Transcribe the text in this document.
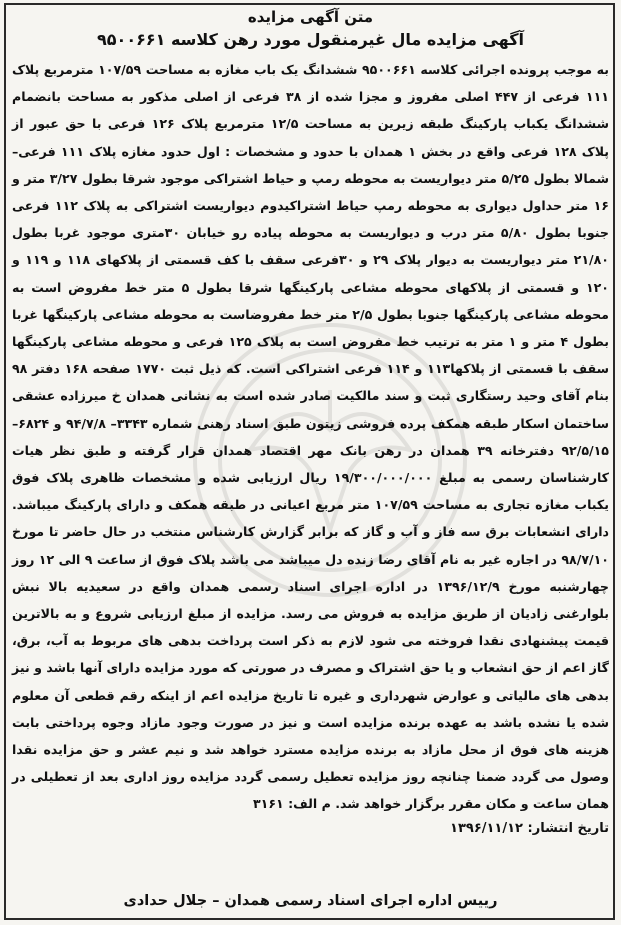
متن آگهی مزایده
آگهی مزایده مال غیرمنقول مورد رهن کلاسه ۹۵۰۰۶۶۱

به موجب پرونده اجرائی کلاسه ۹۵۰۰۶۶۱ ششدانگ یک باب مغازه به مساحت ۱۰۷/۵۹ مترمربع پلاک ۱۱۱ فرعی از ۴۴۷ اصلی مفروز و مجزا شده از ۳۸ فرعی از اصلی مذکور به مساحت بانضمام ششدانگ یکباب پارکینگ طبقه زیرین به مساحت ۱۲/۵ مترمربع پلاک ۱۲۶ فرعی با حق عبور از پلاک ۱۲۸ فرعی واقع در بخش ۱ همدان با حدود و مشخصات : اول حدود مغازه پلاک ۱۱۱ فرعی– شمالا بطول ۵/۲۵ متر دیواریست به محوطه رمپ و حیاط اشتراکی موجود شرقا بطول ۳/۲۷ متر و ۱۶ متر حداول دیواری به محوطه رمپ حیاط اشتراکیدوم دیواریست اشتراکی به پلاک ۱۱۲ فرعی جنوبا بطول ۵/۸۰ متر درب و دیواریست به محوطه پیاده رو خیابان ۳۰متری موجود غربا بطول ۲۱/۸۰ متر دیواریست به دیوار پلاک ۲۹ و ۳۰فرعی سقف با کف قسمتی از پلاکهای ۱۱۸ و ۱۱۹ و ۱۲۰ و قسمتی از پلاکهای محوطه مشاعی پارکینگها شرقا بطول ۵ متر خط مفروض است به محوطه مشاعی پارکینگها جنوبا بطول ۲/۵ متر خط مفروضاست به محوطه مشاعی پارکینگها غربا بطول ۴ متر و ۱ متر به ترتیب خط مفروض است به پلاک ۱۲۵ فرعی و محوطه مشاعی پارکینگها سقف با قسمتی از پلاکها۱۱۳ و ۱۱۴ فرعی اشتراکی است. که ذیل ثبت ۱۷۷۰ صفحه ۱۶۸ دفتر ۹۸ بنام آقای وحید رستگاری ثبت و سند مالکیت صادر شده است به نشانی همدان خ میرزاده عشقی ساختمان اسکار طبقه همکف پرده فروشی زیتون طبق اسناد رهنی شماره ۳۳۴۳– ۹۴/۷/۸ و ۶۸۲۴– ۹۲/۵/۱۵ دفترخانه ۳۹ همدان در رهن بانک مهر اقتصاد همدان قرار گرفته و طبق نظر هیات کارشناسان رسمی به مبلغ ۱۹/۳۰۰/۰۰۰/۰۰۰ ریال ارزیابی شده و مشخصات ظاهری پلاک فوق یکباب مغازه تجاری به مساحت ۱۰۷/۵۹ متر مربع اعیانی در طبقه همکف و دارای پارکینگ میباشد. دارای انشعابات برق سه فاز و آب و گاز که برابر گزارش کارشناس منتخب در حال حاضر تا مورخ ۹۸/۷/۱۰ در اجاره غیر به نام آقای رضا زنده دل میباشد می باشد پلاک فوق از ساعت ۹ الی ۱۲ روز چهارشنبه مورخ ۱۳۹۶/۱۲/۹ در اداره اجرای اسناد رسمی همدان واقع در سعیدیه بالا نبش بلوارغنی زادیان از طریق مزایده به فروش می رسد. مزایده از مبلغ ارزیابی شروع و به بالاترین قیمت پیشنهادی نقدا فروخته می شود لازم به ذکر است پرداخت بدهی های مربوط به آب، برق، گاز اعم از حق انشعاب و یا حق اشتراک و مصرف در صورتی که مورد مزایده دارای آنها باشد و نیز بدهی های مالیاتی و عوارض شهرداری و غیره تا تاریخ مزایده اعم از اینکه رقم قطعی آن معلوم شده یا نشده باشد به عهده برنده مزایده است و نیز در صورت وجود مازاد وجوه پرداختی بابت هزینه های فوق از محل مازاد به برنده مزایده مسترد خواهد شد و نیم عشر و حق مزایده نقدا وصول می گردد ضمنا چنانچه روز مزایده تعطیل رسمی گردد مزایده روز اداری بعد از تعطیلی در همان ساعت و مکان مقرر برگزار خواهد شد. م الف: ۳۱۶۱

تاریخ انتشار: ۱۳۹۶/۱۱/۱۲
رییس اداره اجرای اسناد رسمی همدان – جلال حدادی
